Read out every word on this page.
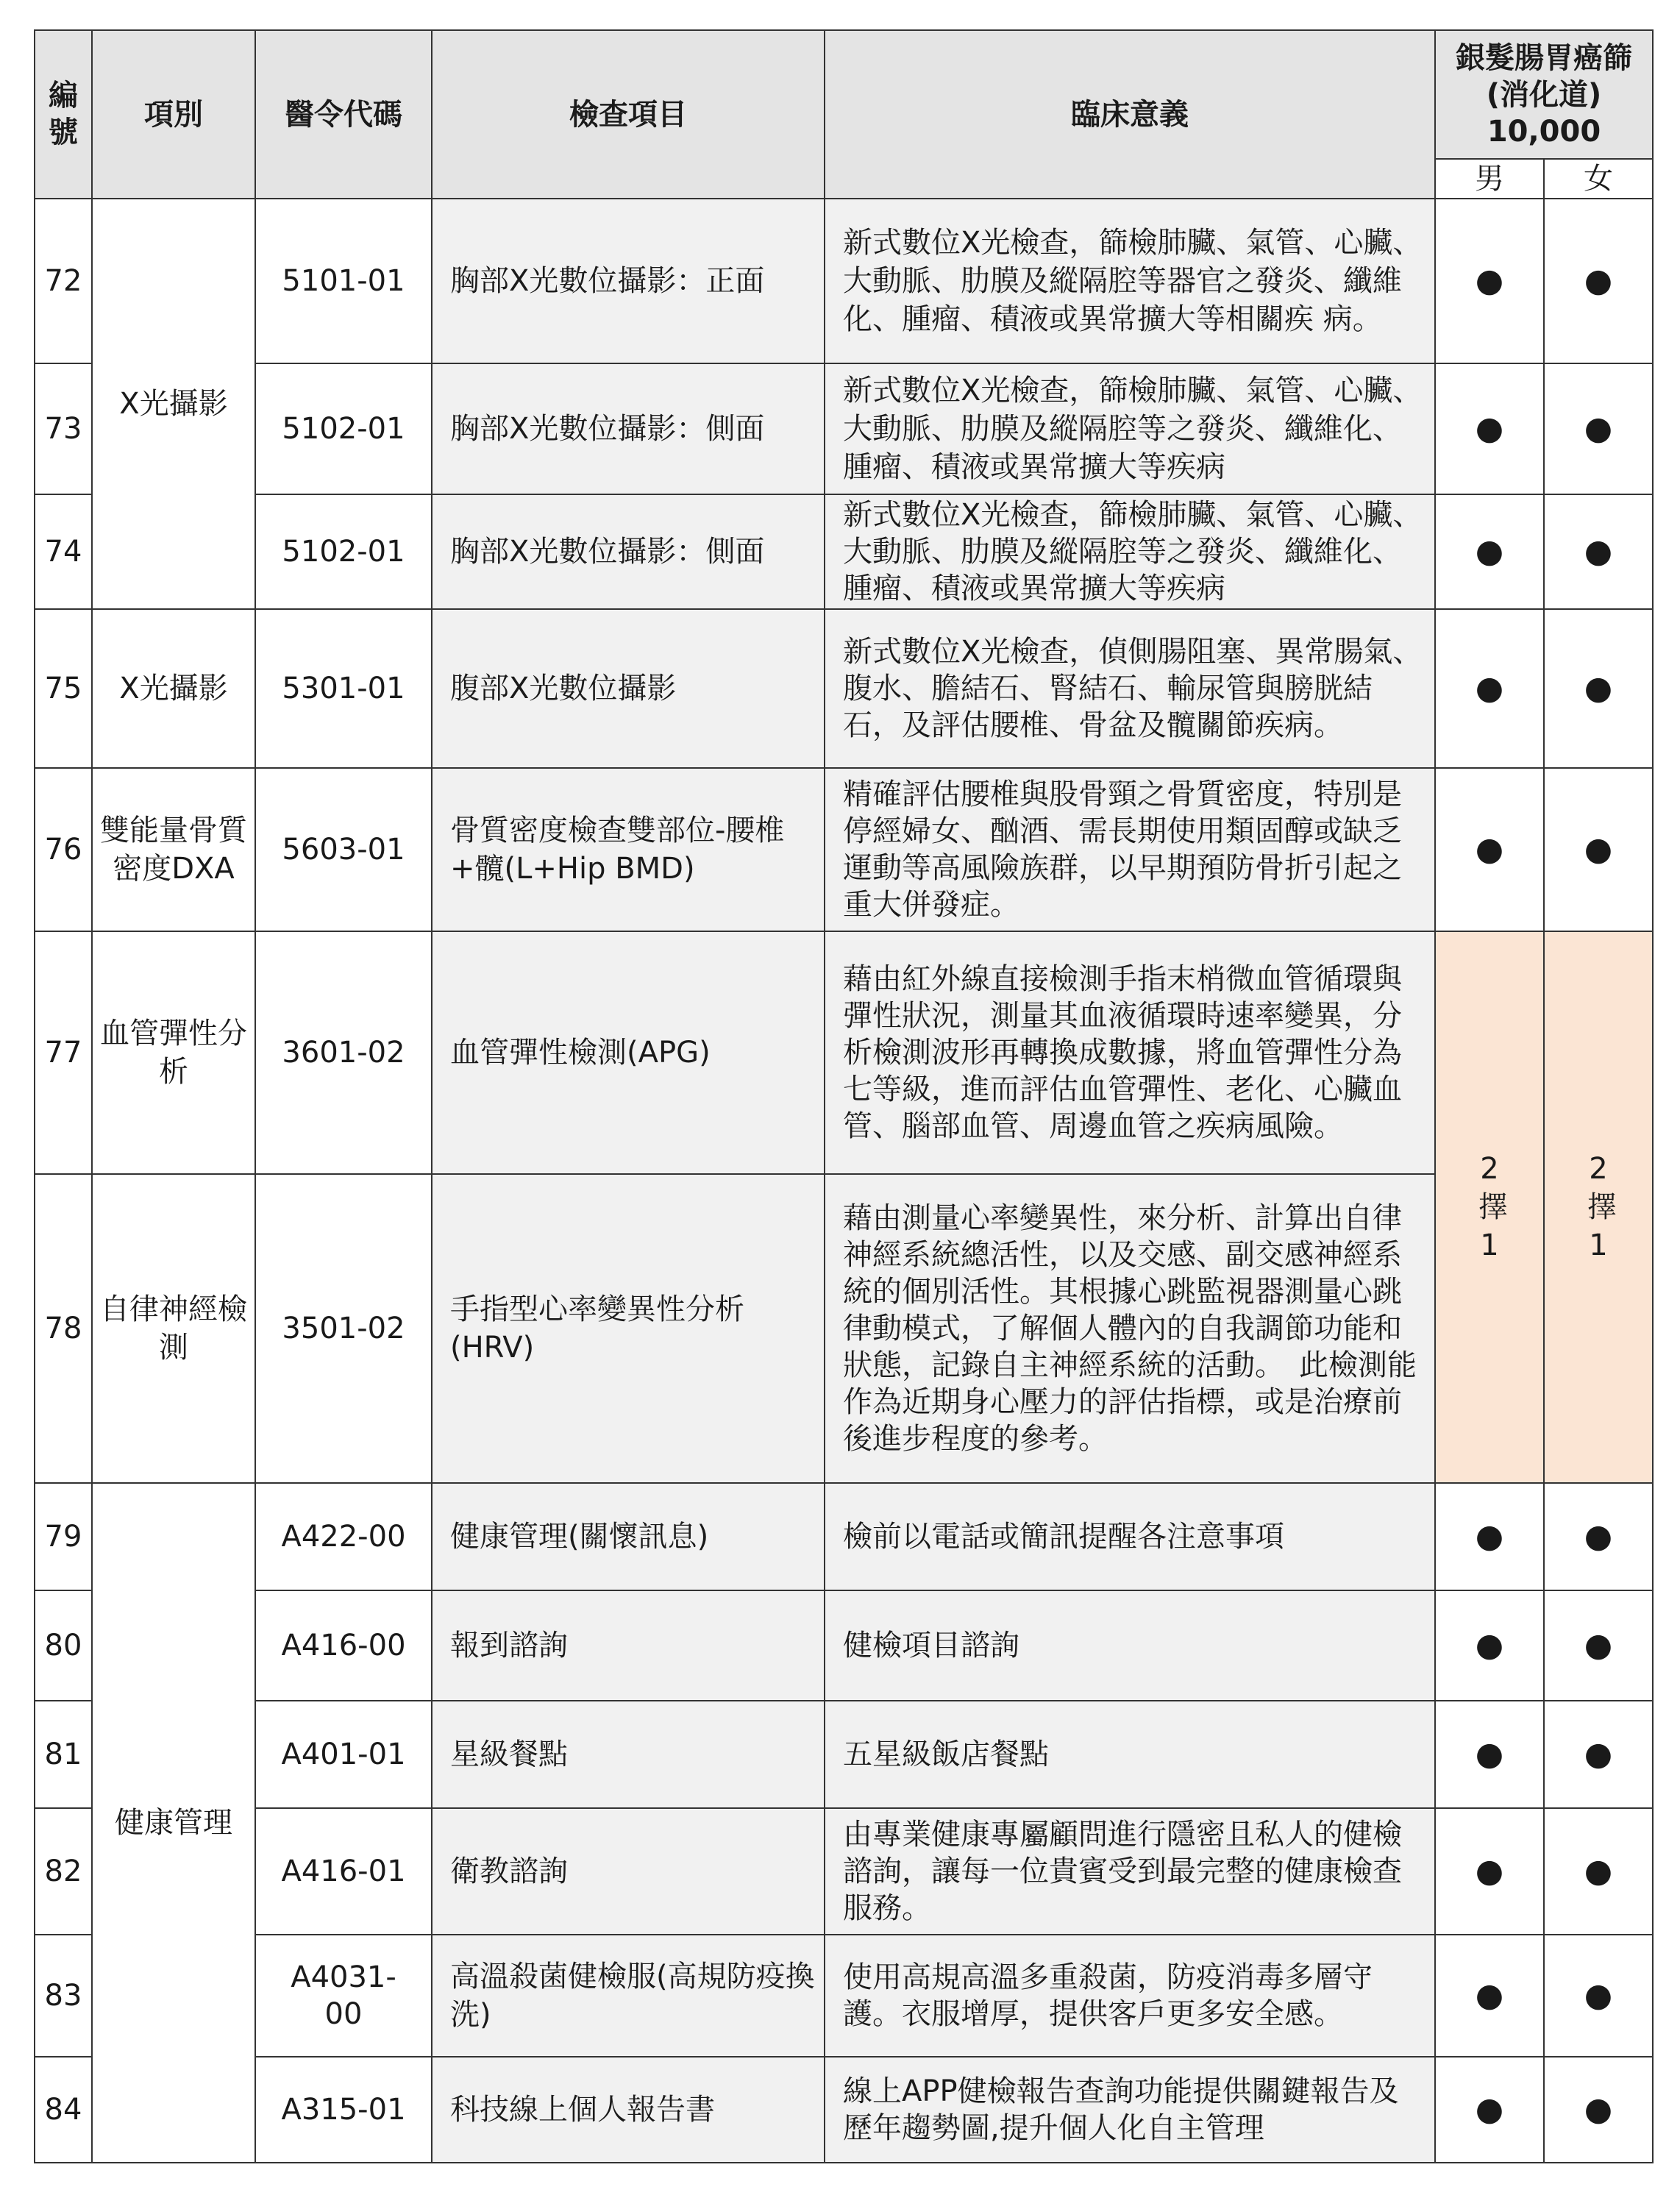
編號	項別	醫令代碼	檢查項目	臨床意義	銀髮腸胃癌篩
(消化道)
10,000	

					男	女
72	X光攝影	5101-01	胸部X光數位攝影：正面	新式數位X光檢查，篩檢肺臟、氣管、心臟、大動脈、肋膜及縱隔腔等器官之發炎、纖維化、腫瘤、積液或異常擴大等相關疾 病。	●	●
73		5102-01	胸部X光數位攝影：側面	新式數位X光檢查，篩檢肺臟、氣管、心臟、大動脈、肋膜及縱隔腔等之發炎、纖維化、腫瘤、積液或異常擴大等疾病	●	●
74		5102-01	胸部X光數位攝影：側面	新式數位X光檢查，篩檢肺臟、氣管、心臟、大動脈、肋膜及縱隔腔等之發炎、纖維化、腫瘤、積液或異常擴大等疾病	●	●
75	X光攝影	5301-01	腹部X光數位攝影	新式數位X光檢查，偵側腸阻塞、異常腸氣、腹水、膽結石、腎結石、輸尿管與膀胱結石，及評估腰椎、骨盆及髖關節疾病。	●	●
76	雙能量骨質密度DXA	5603-01	骨質密度檢查雙部位-腰椎+髖(L+Hip BMD)	精確評估腰椎與股骨頸之骨質密度，特別是停經婦女、酗酒、需長期使用類固醇或缺乏運動等高風險族群，以早期預防骨折引起之重大併發症。	●	●
77	血管彈性分析	3601-02	血管彈性檢測(APG)	藉由紅外線直接檢測手指末梢微血管循環與彈性狀況，測量其血液循環時速率變異，分析檢測波形再轉換成數據，將血管彈性分為七等級，進而評估血管彈性、老化、心臟血管、腦部血管、周邊血管之疾病風險。	2擇1	2擇1
78	自律神經檢測	3501-02	手指型心率變異性分析(HRV)	藉由測量心率變異性，來分析、計算出自律神經系統總活性，以及交感、副交感神經系統的個別活性。其根據心跳監視器測量心跳律動模式，了解個人體內的自我調節功能和狀態，記錄自主神經系統的活動。　此檢測能作為近期身心壓力的評估指標，或是治療前後進步程度的參考。		
79	健康管理	A422-00	健康管理(關懷訊息)	檢前以電話或簡訊提醒各注意事項	●	●
80		A416-00	報到諮詢	健檢項目諮詢	●	●
81		A401-01	星級餐點	五星級飯店餐點	●	●
82		A416-01	衛教諮詢	由專業健康專屬顧問進行隱密且私人的健檢諮詢，讓每一位貴賓受到最完整的健康檢查服務。	●	●
83		A4031-00	高溫殺菌健檢服(高規防疫換洗)	使用高規高溫多重殺菌，防疫消毒多層守護。衣服增厚，提供客戶更多安全感。	●	●
84		A315-01	科技線上個人報告書	線上APP健檢報告查詢功能提供關鍵報告及歷年趨勢圖,提升個人化自主管理	●	●
